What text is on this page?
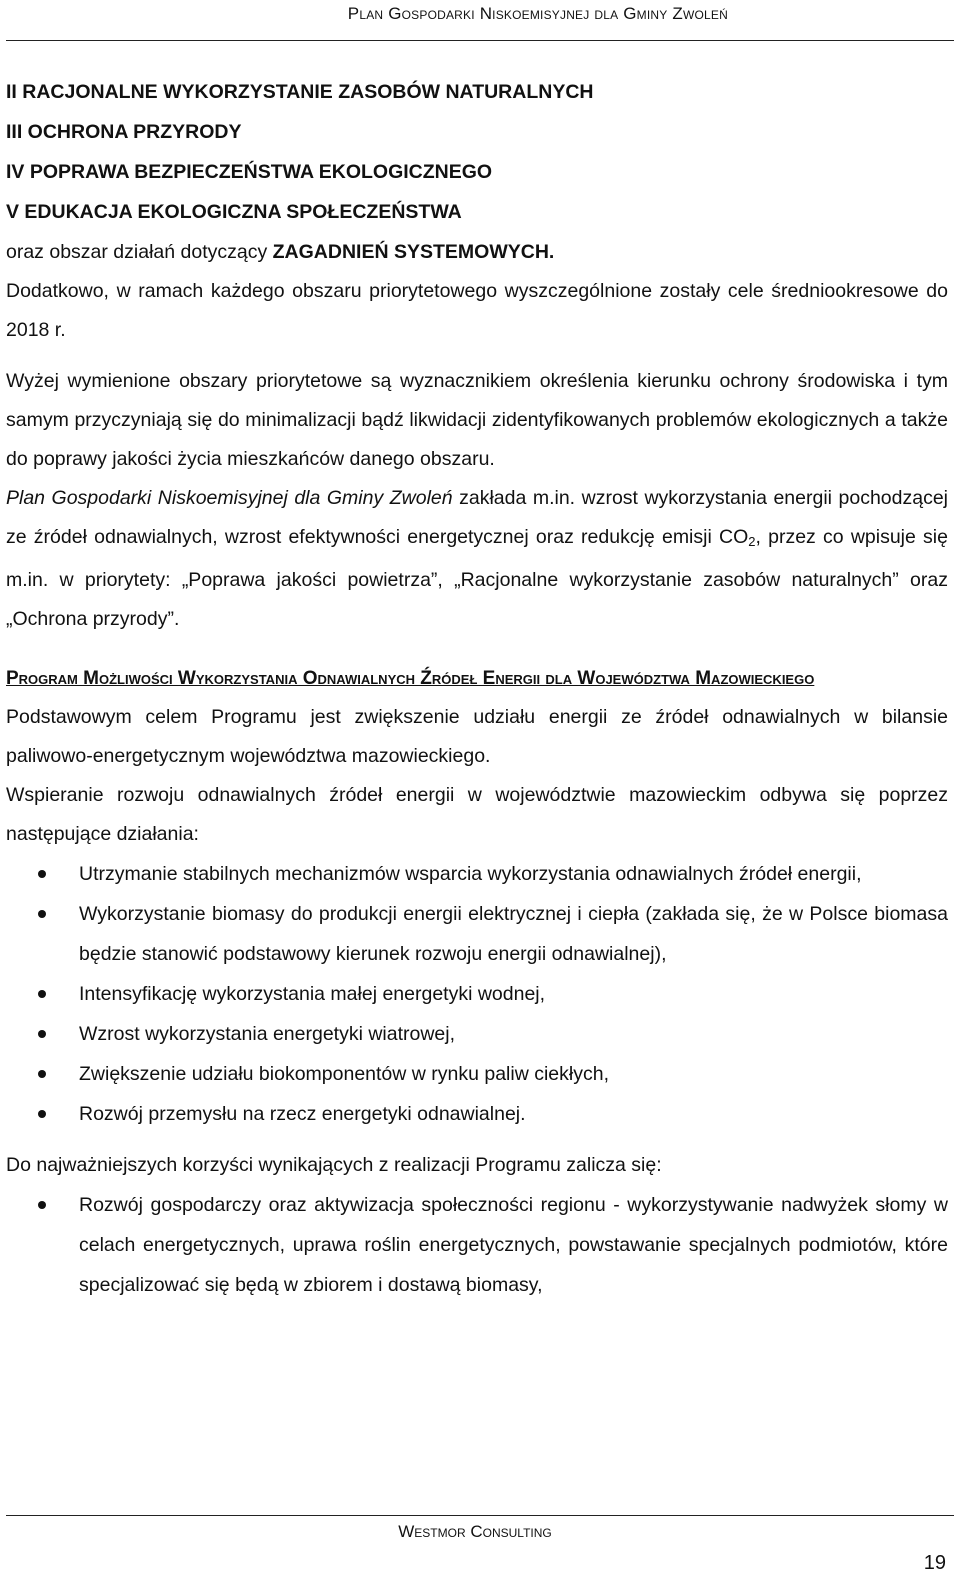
Plan Gospodarki Niskoemisyjnej dla Gminy Zwoleń
II RACJONALNE WYKORZYSTANIE ZASOBÓW NATURALNYCH
III OCHRONA PRZYRODY
IV POPRAWA BEZPIECZEŃSTWA EKOLOGICZNEGO
V EDUKACJA EKOLOGICZNA SPOŁECZEŃSTWA
oraz obszar działań dotyczący ZAGADNIEŃ SYSTEMOWYCH.

Dodatkowo, w ramach każdego obszaru priorytetowego wyszczególnione zostały cele średniookresowe do 2018 r.

Wyżej wymienione obszary priorytetowe są wyznacznikiem określenia kierunku ochrony środowiska i tym samym przyczyniają się do minimalizacji bądź likwidacji zidentyfikowanych problemów ekologicznych a także do poprawy jakości życia mieszkańców danego obszaru.

Plan Gospodarki Niskoemisyjnej dla Gminy Zwoleń zakłada m.in. wzrost wykorzystania energii pochodzącej ze źródeł odnawialnych, wzrost efektywności energetycznej oraz redukcję emisji $CO_2$, przez co wpisuje się m.in. w priorytety: „Poprawa jakości powietrza”, „Racjonalne wykorzystanie zasobów naturalnych” oraz „Ochrona przyrody”.

Program Możliwości Wykorzystania Odnawialnych Źródeł Energii dla Województwa Mazowieckiego

Podstawowym celem Programu jest zwiększenie udziału energii ze źródeł odnawialnych w bilansie paliwowo-energetycznym województwa mazowieckiego.

Wspieranie rozwoju odnawialnych źródeł energii w województwie mazowieckim odbywa się poprzez następujące działania:

Utrzymanie stabilnych mechanizmów wsparcia wykorzystania odnawialnych źródeł energii,
Wykorzystanie biomasy do produkcji energii elektrycznej i ciepła (zakłada się, że w Polsce biomasa będzie stanowić podstawowy kierunek rozwoju energii odnawialnej),
Intensyfikację wykorzystania małej energetyki wodnej,
Wzrost wykorzystania energetyki wiatrowej,
Zwiększenie udziału biokomponentów w rynku paliw ciekłych,
Rozwój przemysłu na rzecz energetyki odnawialnej.

Do najważniejszych korzyści wynikających z realizacji Programu zalicza się:

Rozwój gospodarczy oraz aktywizacja społeczności regionu - wykorzystywanie nadwyżek słomy w celach energetycznych, uprawa roślin energetycznych, powstawanie specjalnych podmiotów, które specjalizować się będą w zbiorem i dostawą biomasy,
Westmor Consulting
19
